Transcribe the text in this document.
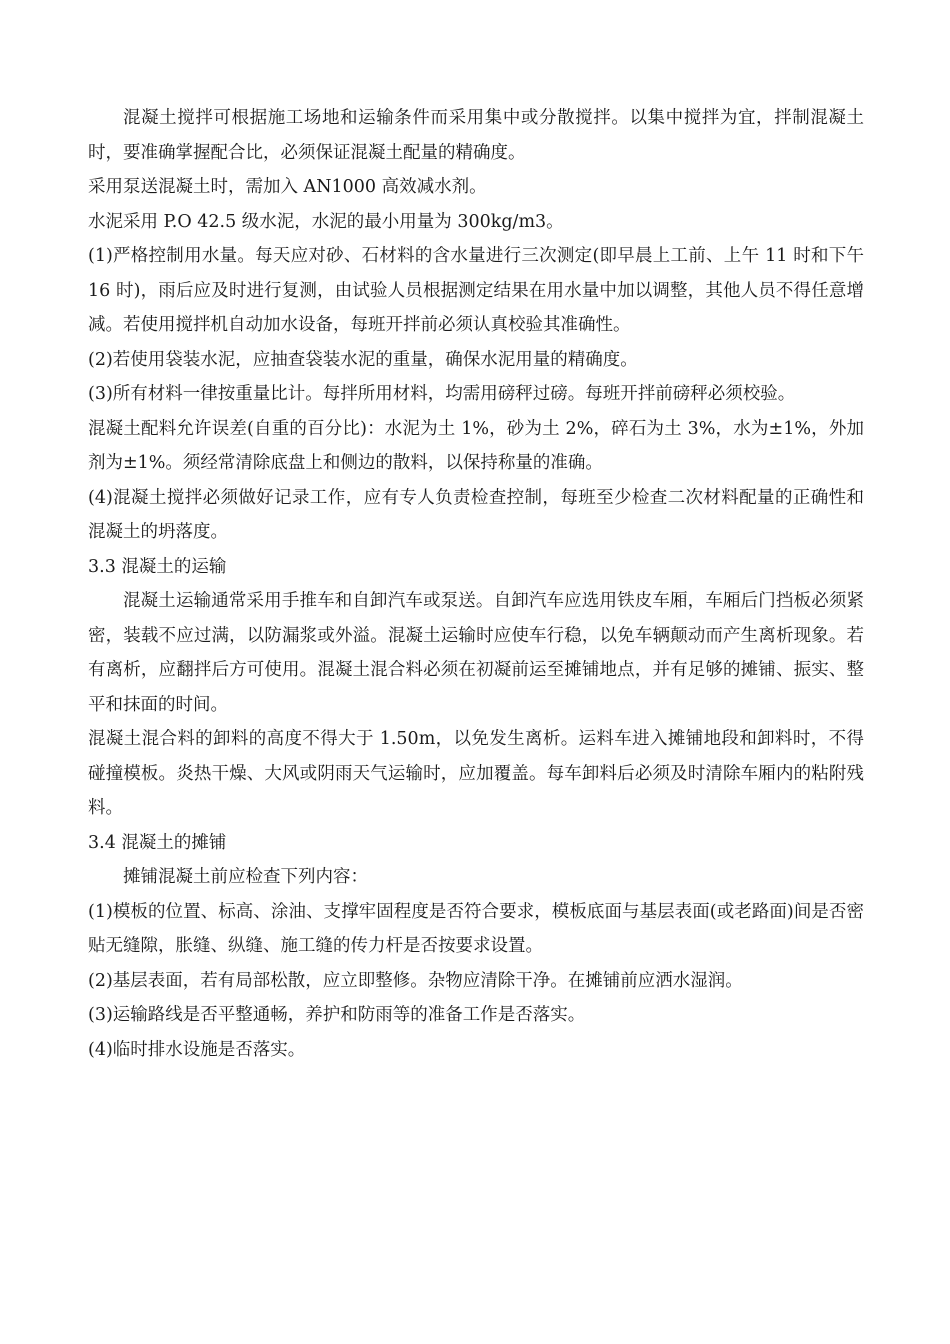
混凝土搅拌可根据施工场地和运输条件而采用集中或分散搅拌。以集中搅拌为宜，拌制混凝土时，要准确掌握配合比，必须保证混凝土配量的精确度。

采用泵送混凝土时，需加入 AN1000 高效减水剂。

水泥采用 P.O 42.5 级水泥，水泥的最小用量为 300kg/m3。

(1)严格控制用水量。每天应对砂、石材料的含水量进行三次测定(即早晨上工前、上午 11 时和下午 16 时)，雨后应及时进行复测，由试验人员根据测定结果在用水量中加以调整，其他人员不得任意增减。若使用搅拌机自动加水设备，每班开拌前必须认真校验其准确性。

(2)若使用袋装水泥，应抽查袋装水泥的重量，确保水泥用量的精确度。

(3)所有材料一律按重量比计。每拌所用材料，均需用磅秤过磅。每班开拌前磅秤必须校验。

混凝土配料允许误差(自重的百分比)：水泥为土 1%，砂为土 2%，碎石为土 3%，水为±1%，外加剂为±1%。须经常清除底盘上和侧边的散料，以保持称量的准确。

(4)混凝土搅拌必须做好记录工作，应有专人负责检查控制，每班至少检查二次材料配量的正确性和混凝土的坍落度。

3.3 混凝土的运输

混凝土运输通常采用手推车和自卸汽车或泵送。自卸汽车应选用铁皮车厢，车厢后门挡板必须紧密，装载不应过满，以防漏浆或外溢。混凝土运输时应使车行稳，以免车辆颠动而产生离析现象。若有离析，应翻拌后方可使用。混凝土混合料必须在初凝前运至摊铺地点，并有足够的摊铺、振实、整平和抹面的时间。

混凝土混合料的卸料的高度不得大于 1.50m，以免发生离析。运料车进入摊铺地段和卸料时，不得碰撞模板。炎热干燥、大风或阴雨天气运输时，应加覆盖。每车卸料后必须及时清除车厢内的粘附残料。

3.4 混凝土的摊铺

摊铺混凝土前应检查下列内容：

(1)模板的位置、标高、涂油、支撑牢固程度是否符合要求，模板底面与基层表面(或老路面)间是否密贴无缝隙，胀缝、纵缝、施工缝的传力杆是否按要求设置。

(2)基层表面，若有局部松散，应立即整修。杂物应清除干净。在摊铺前应洒水湿润。

(3)运输路线是否平整通畅，养护和防雨等的准备工作是否落实。

(4)临时排水设施是否落实。
